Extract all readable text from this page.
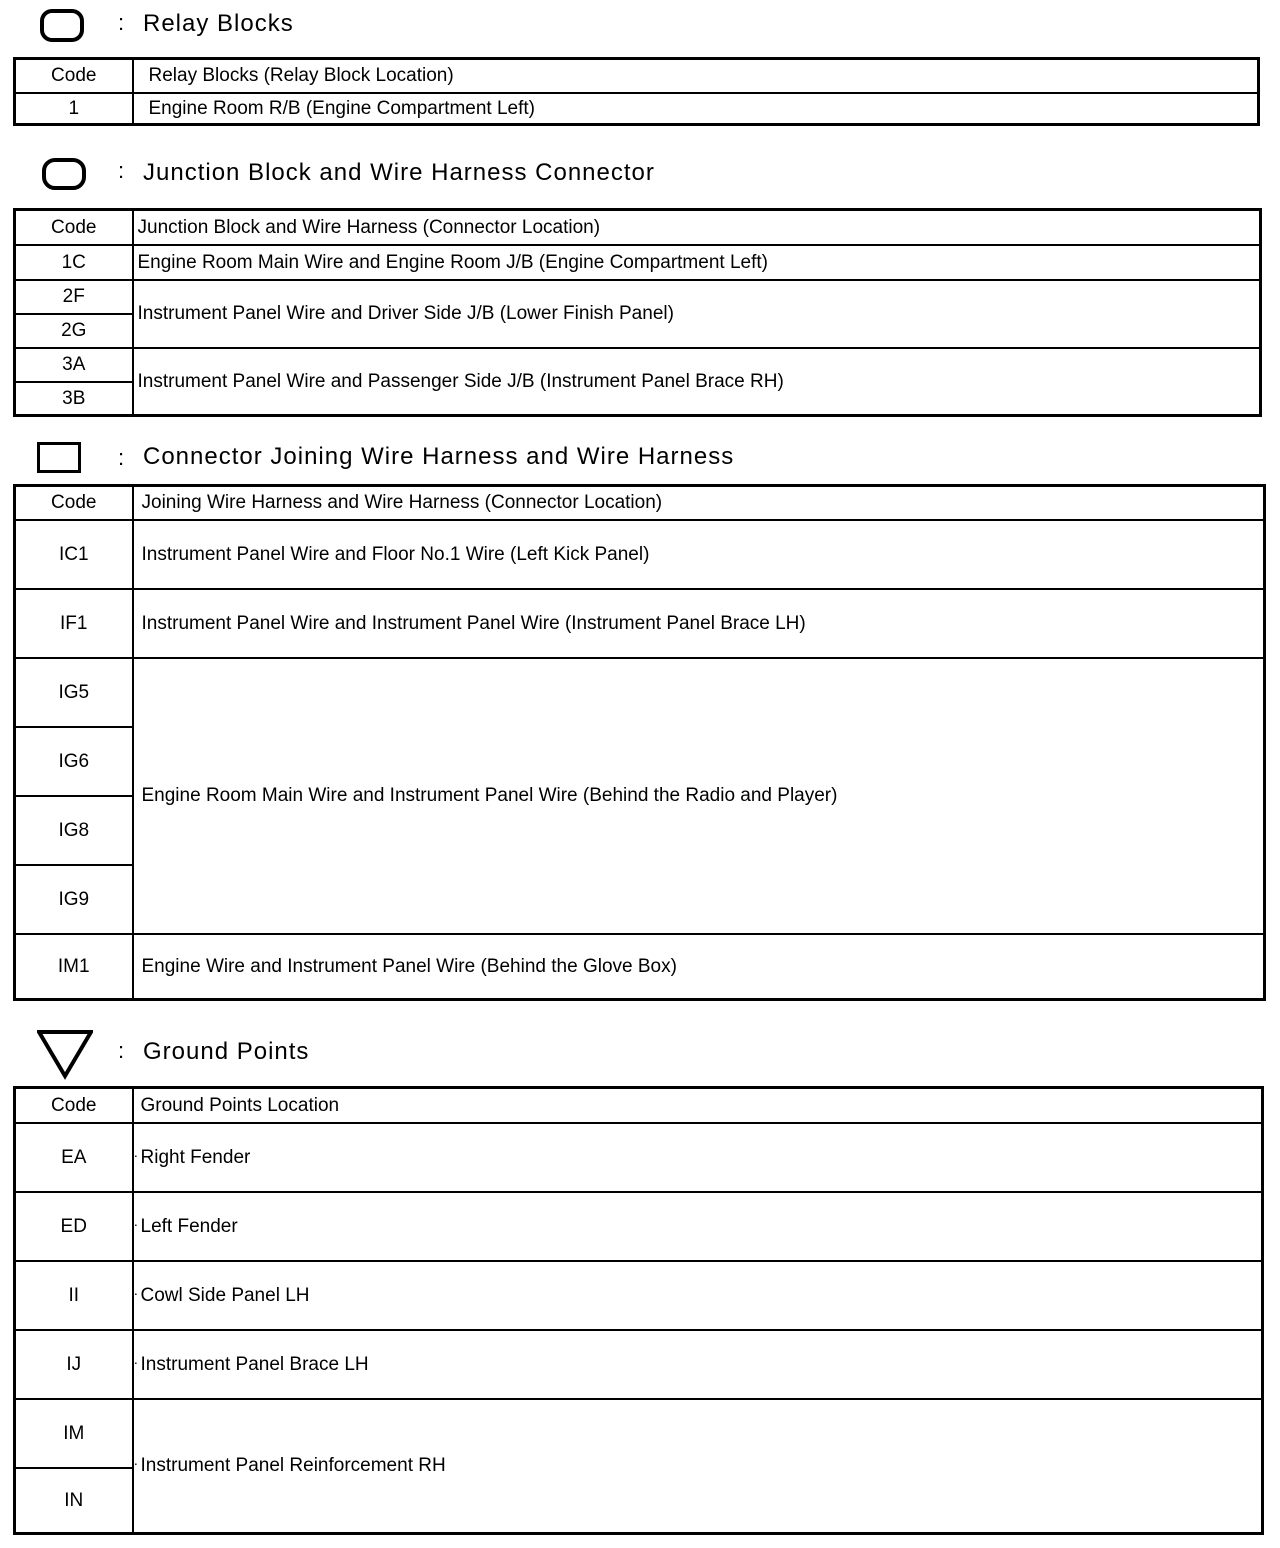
: Relay Blocks
Code	Relay Blocks (Relay Block Location)
1	Engine Room R/B (Engine Compartment Left)
: Junction Block and Wire Harness Connector
Code	Junction Block and Wire Harness (Connector Location)
1C	Engine Room Main Wire and Engine Room J/B (Engine Compartment Left)
2F	Instrument Panel Wire and Driver Side J/B (Lower Finish Panel)
2G	
3A	Instrument Panel Wire and Passenger Side J/B (Instrument Panel Brace RH)
3B	
: Connector Joining Wire Harness and Wire Harness
Code	Joining Wire Harness and Wire Harness (Connector Location)
IC1	Instrument Panel Wire and Floor No.1 Wire (Left Kick Panel)
IF1	Instrument Panel Wire and Instrument Panel Wire (Instrument Panel Brace LH)
IG5	Engine Room Main Wire and Instrument Panel Wire (Behind the Radio and Player)
IG6	
IG8	
IG9	
IM1	Engine Wire and Instrument Panel Wire (Behind the Glove Box)
: Ground Points
Code	Ground Points Location
EA	· Right Fender
ED	· Left Fender
II	· Cowl Side Panel LH
IJ	· Instrument Panel Brace LH
IM	· Instrument Panel Reinforcement RH
IN	
